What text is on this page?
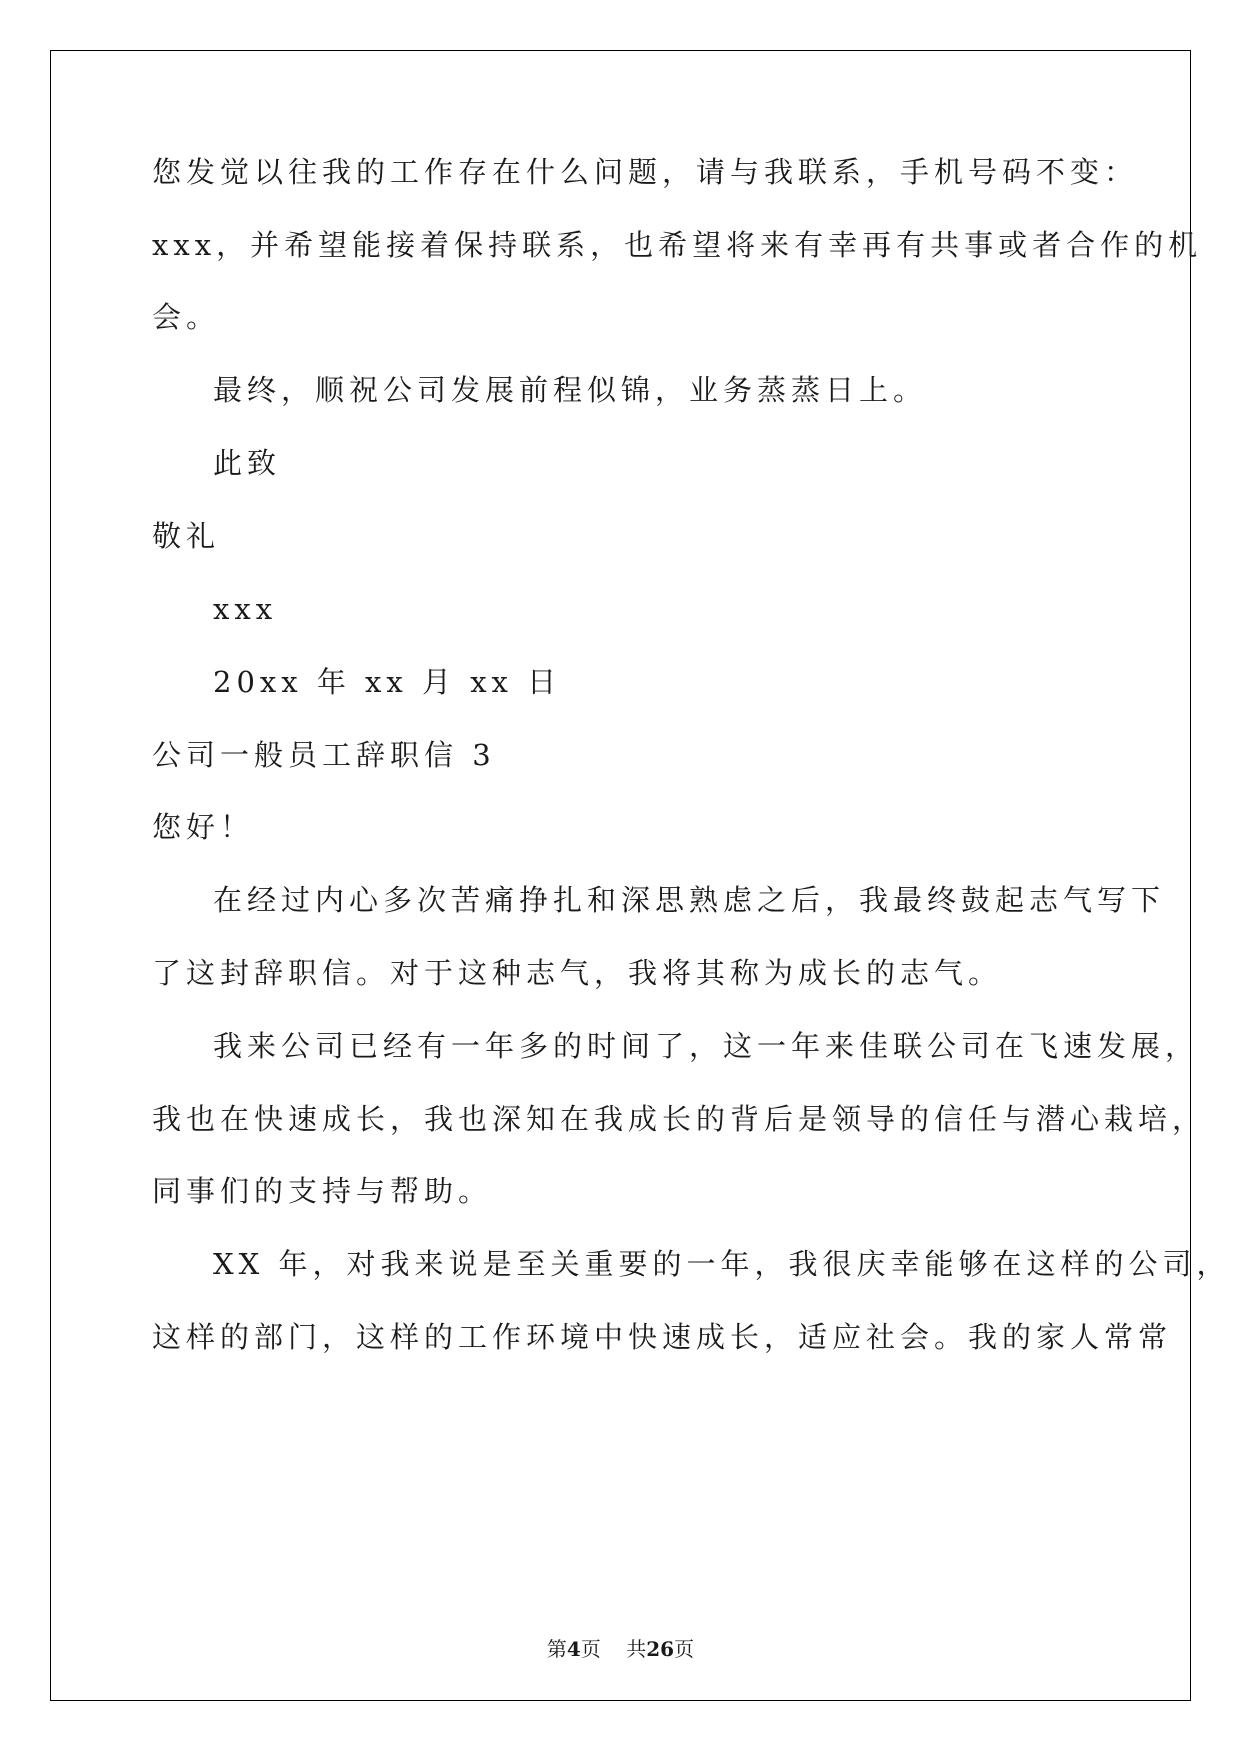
您发觉以往我的工作存在什么问题，请与我联系，手机号码不变：
xxx，并希望能接着保持联系，也希望将来有幸再有共事或者合作的机
会。
最终，顺祝公司发展前程似锦，业务蒸蒸日上。
此致
敬礼
xxx
20xx 年 xx 月 xx 日
公司一般员工辞职信 3
您好！
在经过内心多次苦痛挣扎和深思熟虑之后，我最终鼓起志气写下
了这封辞职信。对于这种志气，我将其称为成长的志气。
我来公司已经有一年多的时间了，这一年来佳联公司在飞速发展，
我也在快速成长，我也深知在我成长的背后是领导的信任与潜心栽培，
同事们的支持与帮助。
XX 年，对我来说是至关重要的一年，我很庆幸能够在这样的公司，
这样的部门，这样的工作环境中快速成长，适应社会。我的家人常常
第4页 共26页
